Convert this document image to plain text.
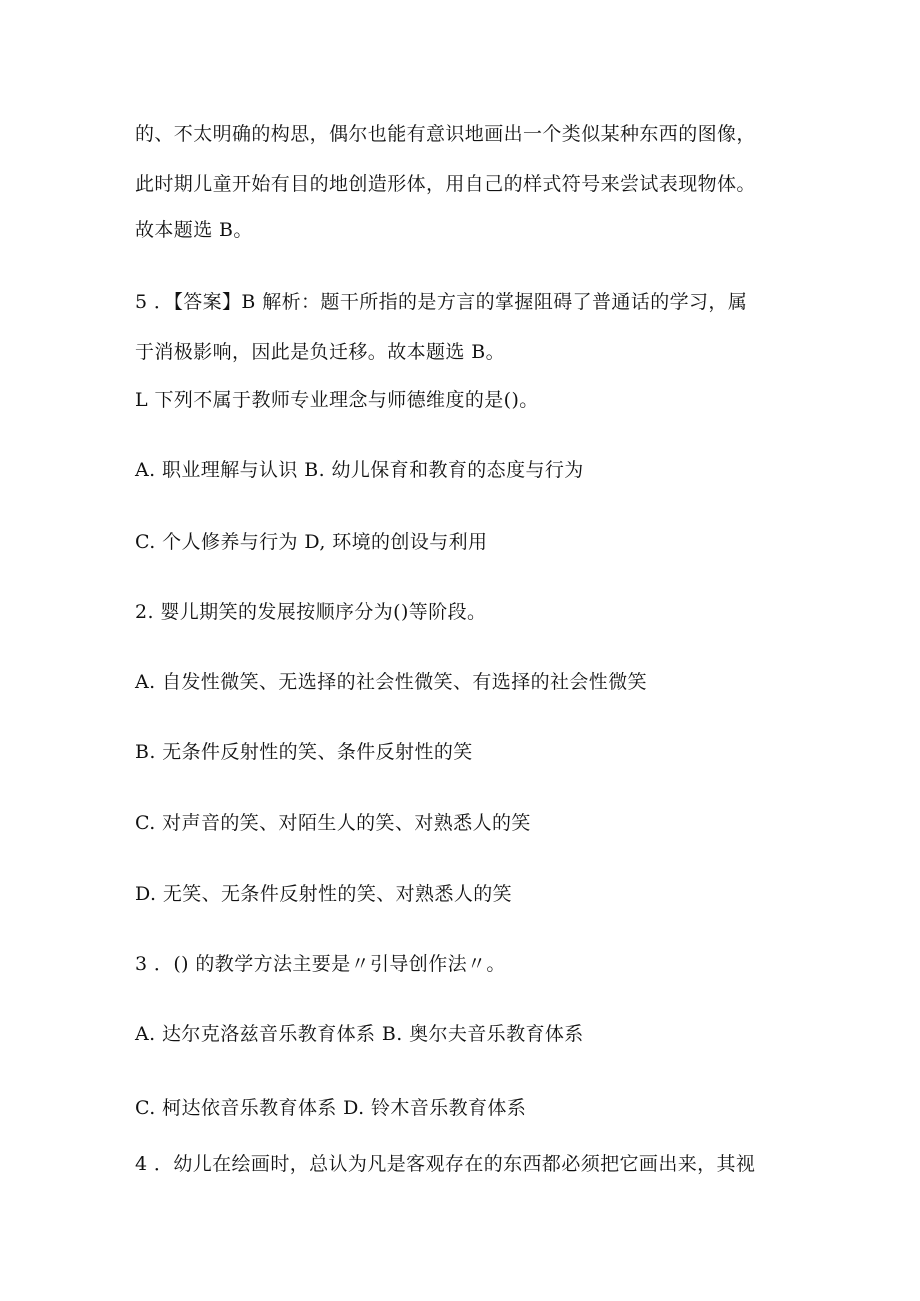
的、不太明确的构思，偶尔也能有意识地画出一个类似某种东西的图像，

此时期儿童开始有目的地创造形体，用自己的样式符号来尝试表现物体。

故本题选 B。

5 ．【答案】B 解析：题干所指的是方言的掌握阻碍了普通话的学习，属

于消极影响，因此是负迁移。故本题选 B。

L 下列不属于教师专业理念与师德维度的是()。

A. 职业理解与认识 B. 幼儿保育和教育的态度与行为

C. 个人修养与行为 D, 环境的创设与利用

2. 婴儿期笑的发展按顺序分为()等阶段。

A. 自发性微笑、无选择的社会性微笑、有选择的社会性微笑

B. 无条件反射性的笑、条件反射性的笑

C. 对声音的笑、对陌生人的笑、对熟悉人的笑

D. 无笑、无条件反射性的笑、对熟悉人的笑

3 ．() 的教学方法主要是〃引导创作法〃。

A. 达尔克洛兹音乐教育体系 B. 奥尔夫音乐教育体系

C. 柯达依音乐教育体系 D. 铃木音乐教育体系

4 ．幼儿在绘画时，总认为凡是客观存在的东西都必须把它画出来，其视
